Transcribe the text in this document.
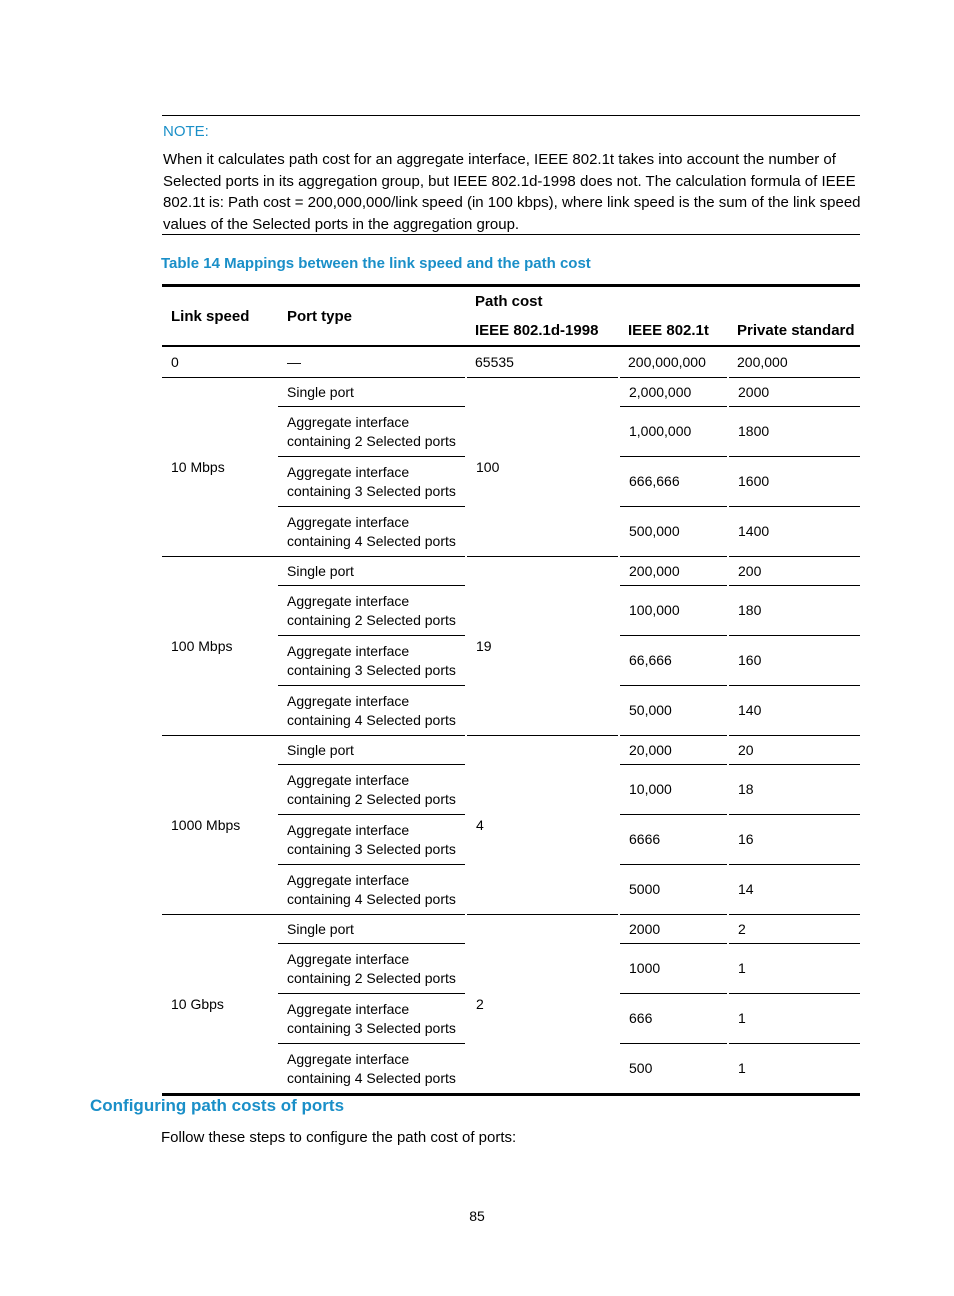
NOTE:

When it calculates path cost for an aggregate interface, IEEE 802.1t takes into account the number of Selected ports in its aggregation group, but IEEE 802.1d-1998 does not. The calculation formula of IEEE 802.1t is: Path cost = 200,000,000/link speed (in 100 kbps), where link speed is the sum of the link speed values of the Selected ports in the aggregation group.

Table 14 Mappings between the link speed and the path cost
Link speed	Port type	Path cost		
		IEEE 802.1d-1998	IEEE 802.1t	Private standard
0	—	65535	200,000,000	200,000
10 Mbps	Single port	100	2,000,000	2000
	Aggregate interface containing 2 Selected ports		1,000,000	1800
	Aggregate interface containing 3 Selected ports		666,666	1600
	Aggregate interface containing 4 Selected ports		500,000	1400
100 Mbps	Single port	19	200,000	200
	Aggregate interface containing 2 Selected ports		100,000	180
	Aggregate interface containing 3 Selected ports		66,666	160
	Aggregate interface containing 4 Selected ports		50,000	140
1000 Mbps	Single port	4	20,000	20
	Aggregate interface containing 2 Selected ports		10,000	18
	Aggregate interface containing 3 Selected ports		6666	16
	Aggregate interface containing 4 Selected ports		5000	14
10 Gbps	Single port	2	2000	2
	Aggregate interface containing 2 Selected ports		1000	1
	Aggregate interface containing 3 Selected ports		666	1
	Aggregate interface containing 4 Selected ports		500	1
Configuring path costs of ports
Follow these steps to configure the path cost of ports:
85
